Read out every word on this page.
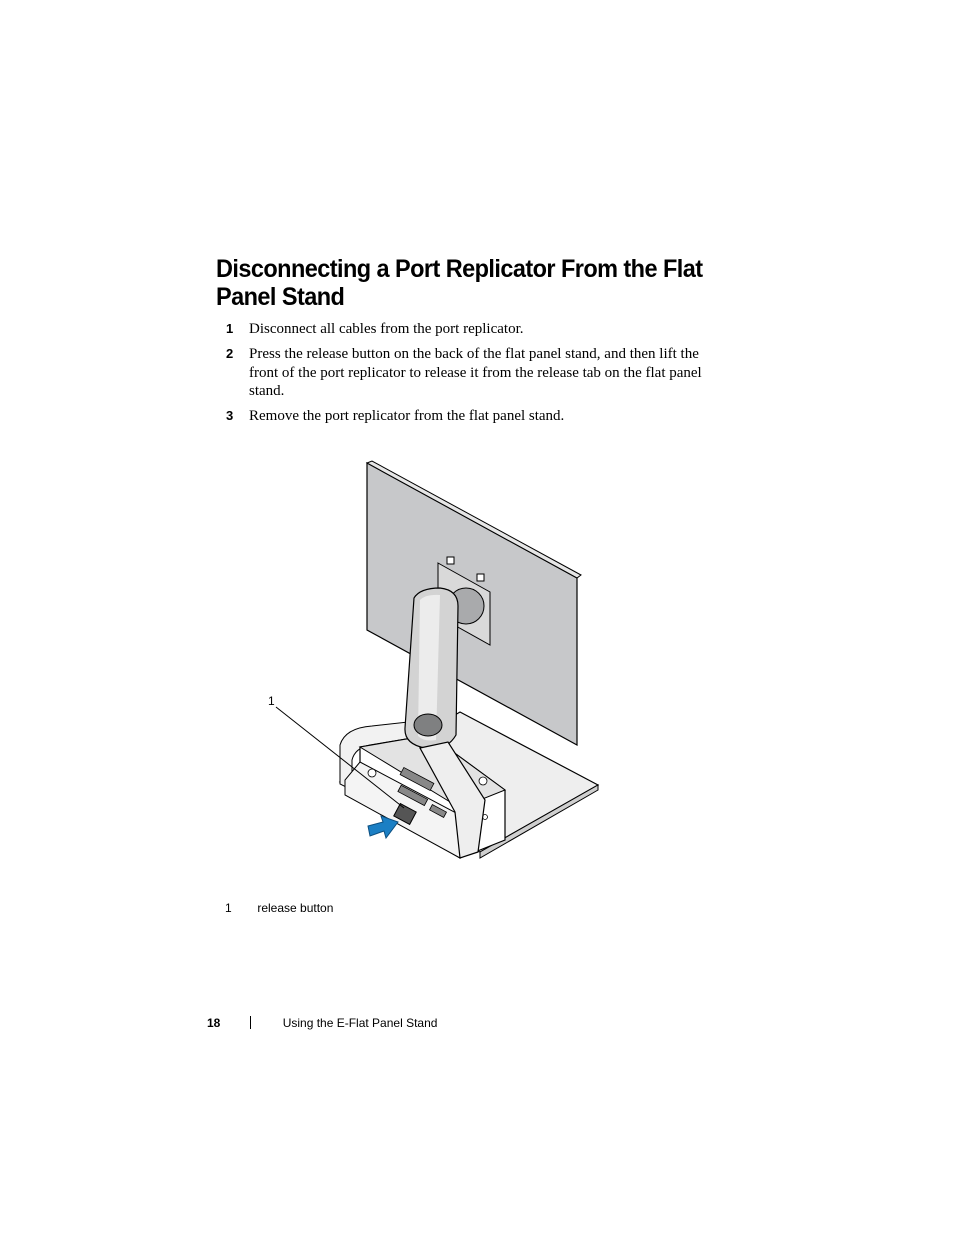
Disconnecting a Port Replicator From the Flat Panel Stand
1	Disconnect all cables from the port replicator.
2	Press the release button on the back of the flat panel stand, and then lift the front of the port replicator to release it from the release tab on the flat panel stand.
3	Remove the port replicator from the flat panel stand.
1
1 release button
18	Using the E-Flat Panel Stand
